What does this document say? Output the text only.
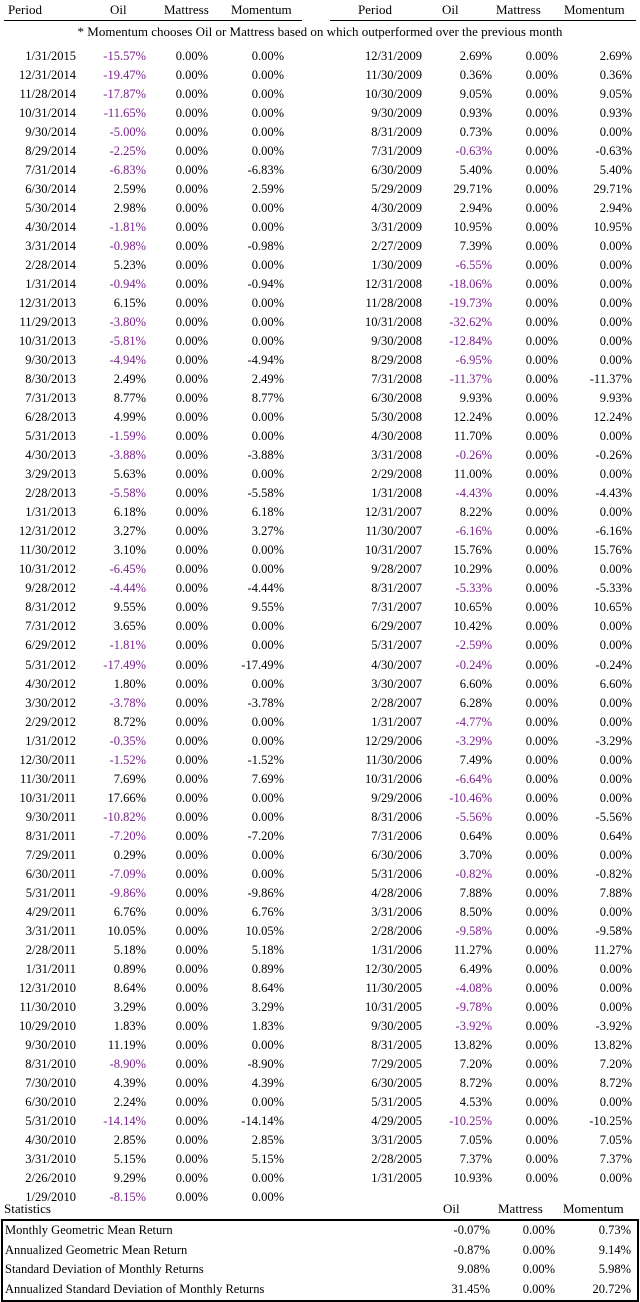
Period	Oil	Mattress Momentum	Period	Oil	Mattress Momentum
* Momentum chooses Oil or Mattress based on which outperformed over the previous month
1/31/2015 -15.57% 0.00%	0.00%
12/31/2014 -19.47% 0.00%	0.00%
11/28/2014 -17.87% 0.00%	0.00%
10/31/2014 -11.65% 0.00%	0.00%
9/30/2014	-5.00% 0.00%	0.00%
8/29/2014	-2.25% 0.00%	0.00%
7/31/2014	-6.83% 0.00%	-6.83%
6/30/2014	2.59% 0.00%	2.59%
5/30/2014	2.98% 0.00%	0.00%
4/30/2014	-1.81% 0.00%	0.00%
3/31/2014	-0.98% 0.00%	-0.98%
2/28/2014	5.23% 0.00%	0.00%
1/31/2014	-0.94% 0.00%	-0.94%
12/31/2013	6.15% 0.00%	0.00%
11/29/2013	-3.80% 0.00%	0.00%
10/31/2013	-5.81% 0.00%	0.00%
9/30/2013	-4.94% 0.00%	-4.94%
8/30/2013	2.49% 0.00%	2.49%
7/31/2013	8.77% 0.00%	8.77%
6/28/2013	4.99% 0.00%	0.00%
5/31/2013	-1.59% 0.00%	0.00%
4/30/2013	-3.88% 0.00%	-3.88%
3/29/2013	5.63% 0.00%	0.00%
2/28/2013	-5.58% 0.00%	-5.58%
1/31/2013	6.18% 0.00%	6.18%
12/31/2012	3.27% 0.00%	3.27%
11/30/2012	3.10% 0.00%	0.00%
10/31/2012	-6.45% 0.00%	0.00%
9/28/2012	-4.44% 0.00%	-4.44%
8/31/2012	9.55% 0.00%	9.55%
7/31/2012	3.65% 0.00%	0.00%
6/29/2012	-1.81% 0.00%	0.00%
5/31/2012 -17.49% 0.00%	-17.49%
4/30/2012	1.80% 0.00%	0.00%
3/30/2012	-3.78% 0.00%	-3.78%
2/29/2012	8.72% 0.00%	0.00%
1/31/2012	-0.35% 0.00%	0.00%
12/30/2011	-1.52% 0.00%	-1.52%
11/30/2011	7.69% 0.00%	7.69%
10/31/2011	17.66% 0.00%	0.00%
9/30/2011 -10.82% 0.00%	0.00%
8/31/2011	-7.20% 0.00%	-7.20%
7/29/2011	0.29% 0.00%	0.00%
6/30/2011	-7.09% 0.00%	0.00%
5/31/2011	-9.86% 0.00%	-9.86%
4/29/2011	6.76% 0.00%	6.76%
3/31/2011	10.05% 0.00%	10.05%
2/28/2011	5.18% 0.00%	5.18%
1/31/2011	0.89% 0.00%	0.89%
12/31/2010	8.64% 0.00%	8.64%
11/30/2010	3.29% 0.00%	3.29%
10/29/2010	1.83% 0.00%	1.83%
9/30/2010	11.19% 0.00%	0.00%
8/31/2010	-8.90% 0.00%	-8.90%
7/30/2010	4.39% 0.00%	4.39%
6/30/2010	2.24% 0.00%	0.00%
5/31/2010 -14.14% 0.00%	-14.14%
4/30/2010	2.85% 0.00%	2.85%
3/31/2010	5.15% 0.00%	5.15%
2/26/2010	9.29% 0.00%	0.00%
1/29/2010	-8.15% 0.00%	0.00%
12/31/2009	2.69%	0.00%	2.69%
11/30/2009	0.36%	0.00%	0.36%
10/30/2009	9.05%	0.00%	9.05%
9/30/2009	0.93%	0.00%	0.93%
8/31/2009	0.73%	0.00%	0.00%
7/31/2009	-0.63%	0.00%	-0.63%
6/30/2009	5.40%	0.00%	5.40%
5/29/2009	29.71%	0.00%	29.71%
4/30/2009	2.94%	0.00%	2.94%
3/31/2009	10.95%	0.00%	10.95%
2/27/2009	7.39%	0.00%	0.00%
1/30/2009	-6.55%	0.00%	0.00%
12/31/2008 -18.06%	0.00%	0.00%
11/28/2008 -19.73%	0.00%	0.00%
10/31/2008 -32.62%	0.00%	0.00%
9/30/2008 -12.84%	0.00%	0.00%
8/29/2008	-6.95%	0.00%	0.00%
7/31/2008 -11.37%	0.00%	-11.37%
6/30/2008	9.93%	0.00%	9.93%
5/30/2008	12.24%	0.00%	12.24%
4/30/2008	11.70%	0.00%	0.00%
3/31/2008	-0.26%	0.00%	-0.26%
2/29/2008	11.00%	0.00%	0.00%
1/31/2008	-4.43%	0.00%	-4.43%
12/31/2007	8.22%	0.00%	0.00%
11/30/2007	-6.16%	0.00%	-6.16%
10/31/2007	15.76%	0.00%	15.76%
9/28/2007	10.29%	0.00%	0.00%
8/31/2007	-5.33%	0.00%	-5.33%
7/31/2007	10.65%	0.00%	10.65%
6/29/2007	10.42%	0.00%	0.00%
5/31/2007	-2.59%	0.00%	0.00%
4/30/2007	-0.24%	0.00%	-0.24%
3/30/2007	6.60%	0.00%	6.60%
2/28/2007	6.28%	0.00%	0.00%
1/31/2007	-4.77%	0.00%	0.00%
12/29/2006	-3.29%	0.00%	-3.29%
11/30/2006	7.49%	0.00%	0.00%
10/31/2006	-6.64%	0.00%	0.00%
9/29/2006 -10.46%	0.00%	0.00%
8/31/2006	-5.56%	0.00%	-5.56%
7/31/2006	0.64%	0.00%	0.64%
6/30/2006	3.70%	0.00%	0.00%
5/31/2006	-0.82%	0.00%	-0.82%
4/28/2006	7.88%	0.00%	7.88%
3/31/2006	8.50%	0.00%	0.00%
2/28/2006	-9.58%	0.00%	-9.58%
1/31/2006	11.27%	0.00%	11.27%
12/30/2005	6.49%	0.00%	0.00%
11/30/2005	-4.08%	0.00%	0.00%
10/31/2005	-9.78%	0.00%	0.00%
9/30/2005	-3.92%	0.00%	-3.92%
8/31/2005	13.82%	0.00%	13.82%
7/29/2005	7.20%	0.00%	7.20%
6/30/2005	8.72%	0.00%	8.72%
5/31/2005	4.53%	0.00%	0.00%
4/29/2005 -10.25%	0.00%	-10.25%
3/31/2005	7.05%	0.00%	7.05%
2/28/2005	7.37%	0.00%	7.37%
1/31/2005	10.93%	0.00%	0.00%
Statistics	Oil	Mattress Momentum
Monthly Geometric Mean Return	-0.07%	0.00%	0.73%
Annualized Geometric Mean Return	-0.87%	0.00%	9.14%
Standard Deviation of Monthly Returns	9.08%	0.00%	5.98%
Annualized Standard Deviation of Monthly Returns	31.45%	0.00%	20.72%
